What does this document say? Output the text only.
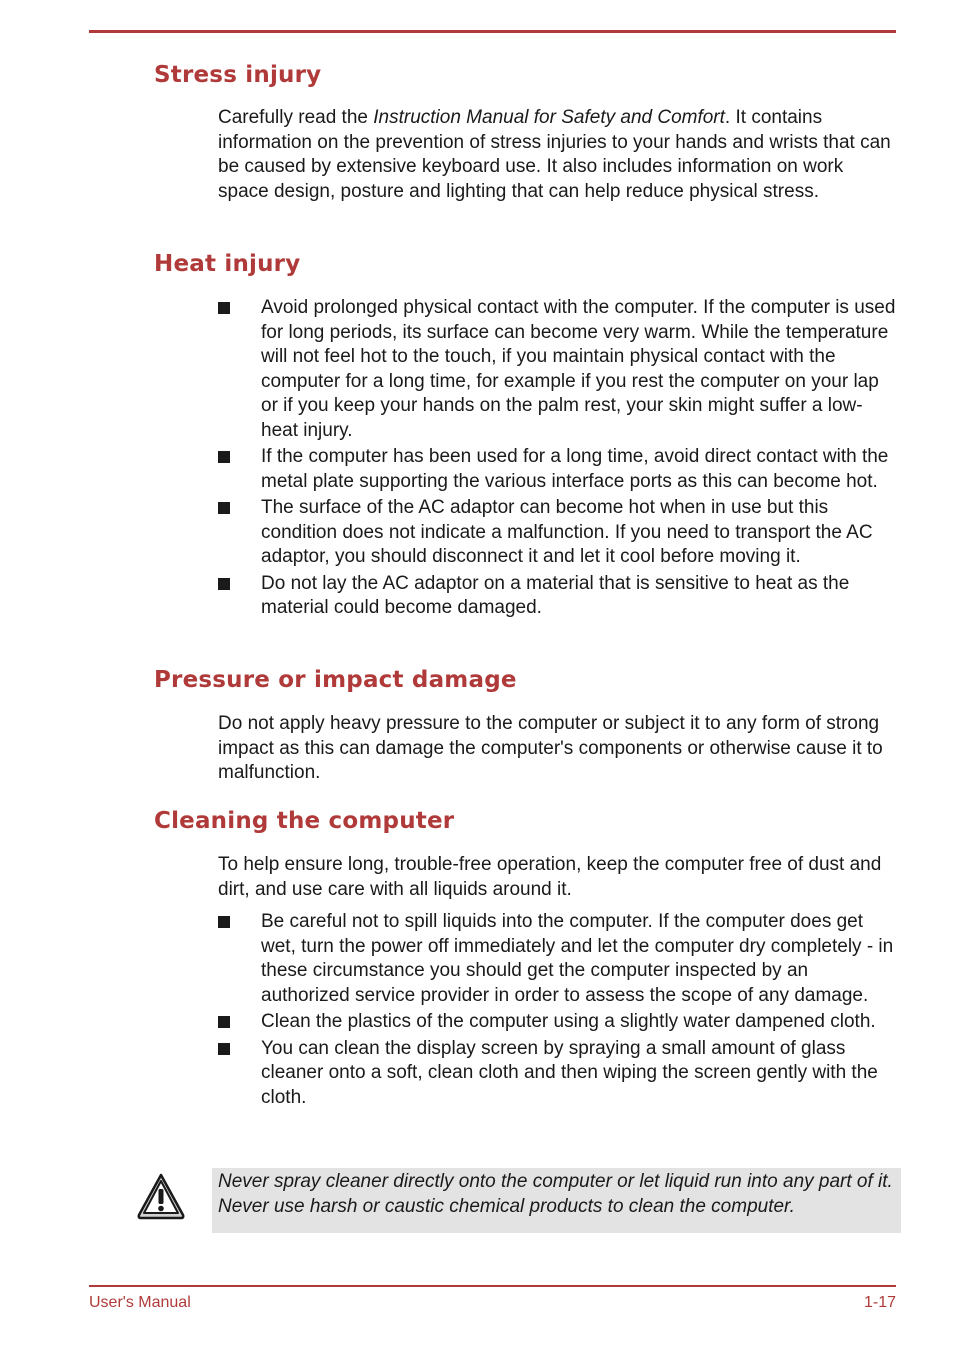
Stress injury

Carefully read the Instruction Manual for Safety and Comfort. It contains information on the prevention of stress injuries to your hands and wrists that can be caused by extensive keyboard use. It also includes information on work space design, posture and lighting that can help reduce physical stress.

Heat injury
Avoid prolonged physical contact with the computer. If the computer is used for long periods, its surface can become very warm. While the temperature will not feel hot to the touch, if you maintain physical contact with the computer for a long time, for example if you rest the computer on your lap or if you keep your hands on the palm rest, your skin might suffer a low-heat injury.
If the computer has been used for a long time, avoid direct contact with the metal plate supporting the various interface ports as this can become hot.
The surface of the AC adaptor can become hot when in use but this condition does not indicate a malfunction. If you need to transport the AC adaptor, you should disconnect it and let it cool before moving it.
Do not lay the AC adaptor on a material that is sensitive to heat as the material could become damaged.
Pressure or impact damage

Do not apply heavy pressure to the computer or subject it to any form of strong impact as this can damage the computer's components or otherwise cause it to malfunction.

Cleaning the computer

To help ensure long, trouble-free operation, keep the computer free of dust and dirt, and use care with all liquids around it.

Be careful not to spill liquids into the computer. If the computer does get wet, turn the power off immediately and let the computer dry completely - in these circumstance you should get the computer inspected by an authorized service provider in order to assess the scope of any damage.
Clean the plastics of the computer using a slightly water dampened cloth.
You can clean the display screen by spraying a small amount of glass cleaner onto a soft, clean cloth and then wiping the screen gently with the cloth.

Never spray cleaner directly onto the computer or let liquid run into any part of it. Never use harsh or caustic chemical products to clean the computer.

User's Manual	1-17
